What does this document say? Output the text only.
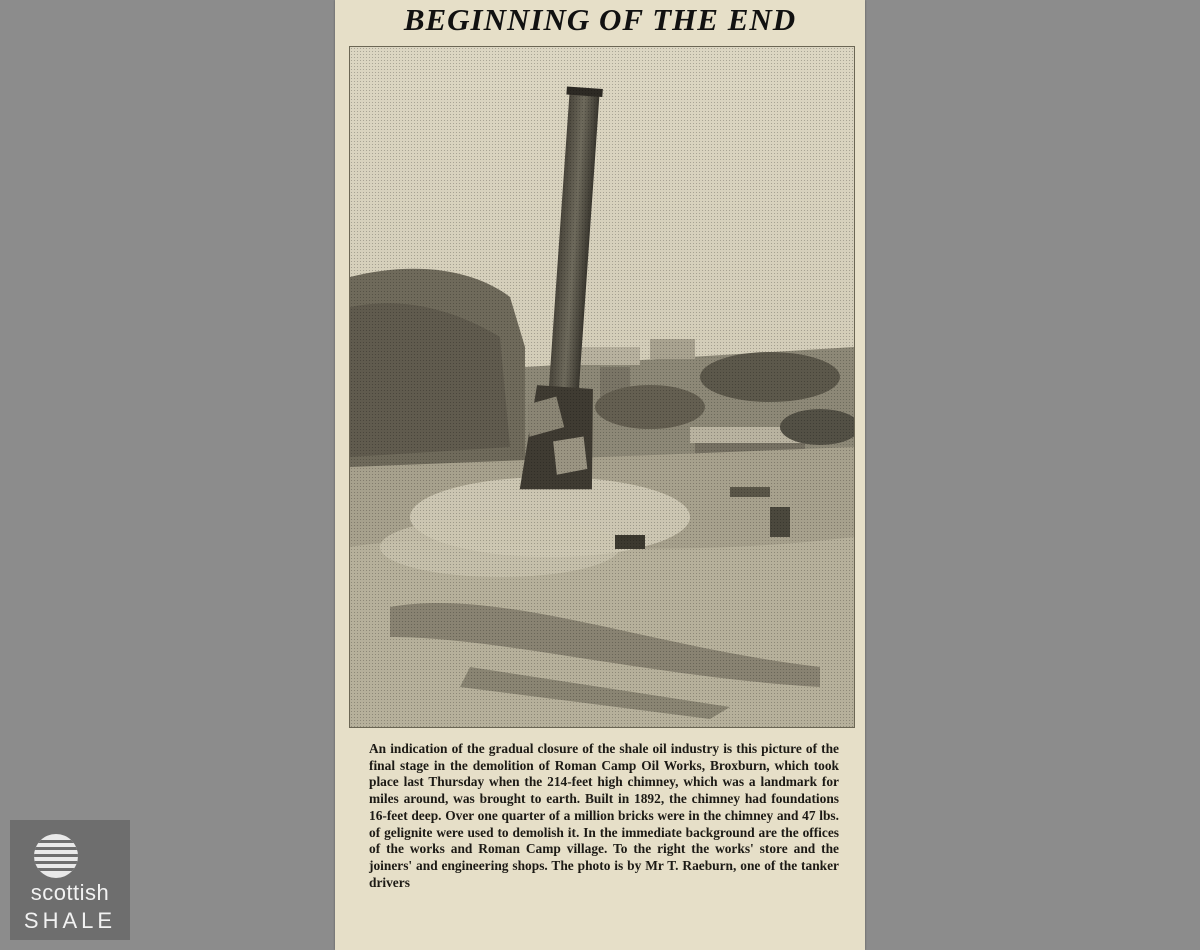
BEGINNING OF THE END

An indication of the gradual closure of the shale oil industry is this picture of the final stage in the demolition of Roman Camp Oil Works, Broxburn, which took place last Thursday when the 214-feet high chimney, which was a landmark for miles around, was brought to earth. Built in 1892, the chimney had foundations 16-feet deep. Over one quarter of a million bricks were in the chimney and 47 lbs. of gelignite were used to demolish it. In the immediate background are the offices of the works and Roman Camp village. To the right the works' store and the joiners' and engineering shops. The photo is by Mr T. Raeburn, one of the tanker drivers

scottish
SHALE
